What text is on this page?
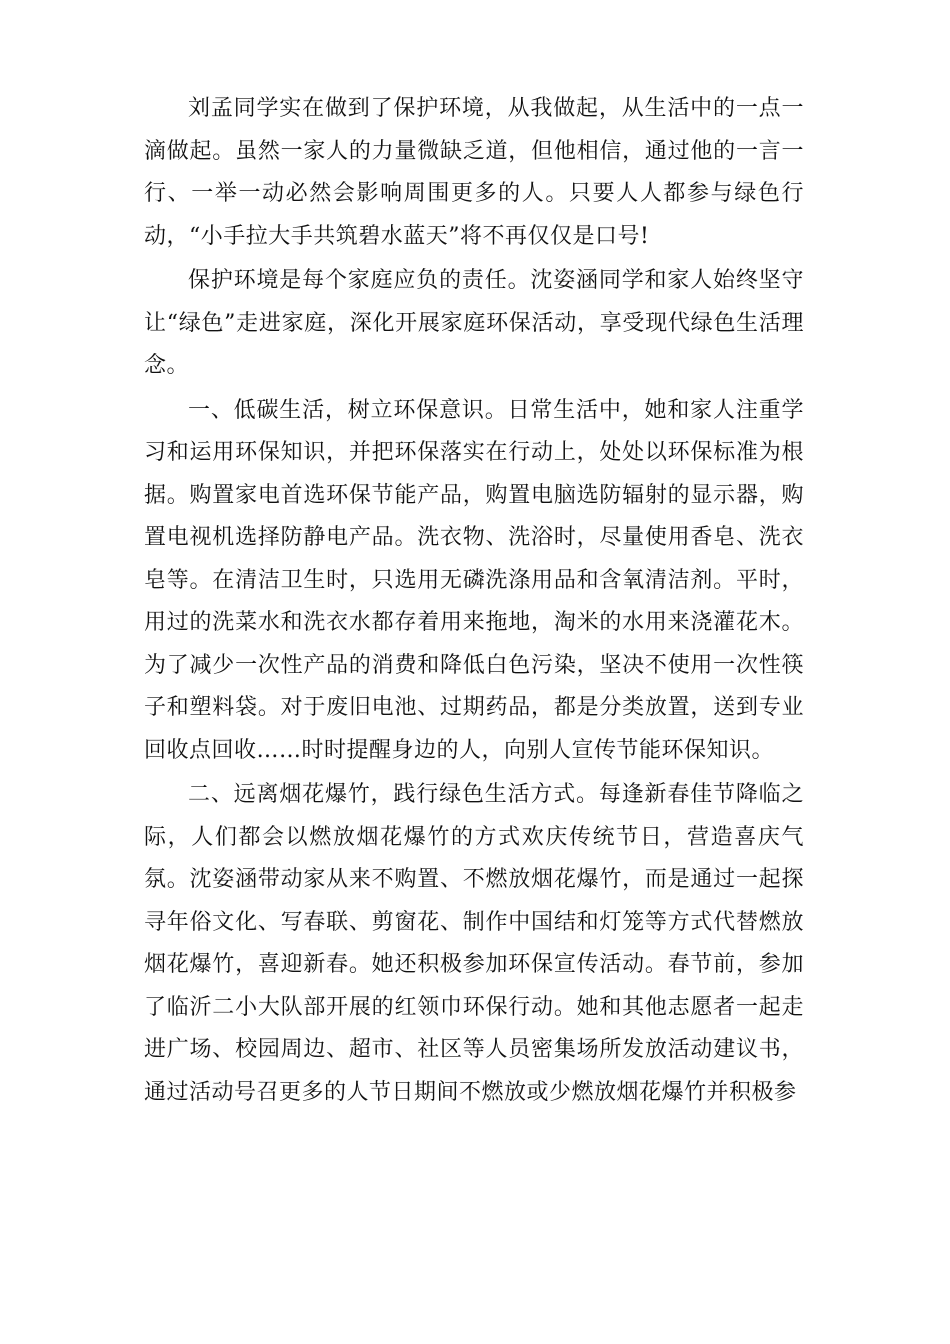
刘孟同学实在做到了保护环境，从我做起，从生活中的一点一滴做起。虽然一家人的力量微缺乏道，但他相信，通过他的一言一行、一举一动必然会影响周围更多的人。只要人人都参与绿色行动，“小手拉大手共筑碧水蓝天”将不再仅仅是口号!

保护环境是每个家庭应负的责任。沈姿涵同学和家人始终坚守让“绿色”走进家庭，深化开展家庭环保活动，享受现代绿色生活理念。

一、低碳生活，树立环保意识。日常生活中，她和家人注重学习和运用环保知识，并把环保落实在行动上，处处以环保标准为根据。购置家电首选环保节能产品，购置电脑选防辐射的显示器，购置电视机选择防静电产品。洗衣物、洗浴时，尽量使用香皂、洗衣皂等。在清洁卫生时，只选用无磷洗涤用品和含氧清洁剂。平时，用过的洗菜水和洗衣水都存着用来拖地，淘米的水用来浇灌花木。为了减少一次性产品的消费和降低白色污染，坚决不使用一次性筷子和塑料袋。对于废旧电池、过期药品，都是分类放置，送到专业回收点回收……时时提醒身边的人，向别人宣传节能环保知识。

二、远离烟花爆竹，践行绿色生活方式。每逢新春佳节降临之际，人们都会以燃放烟花爆竹的方式欢庆传统节日，营造喜庆气氛。沈姿涵带动家从来不购置、不燃放烟花爆竹，而是通过一起探寻年俗文化、写春联、剪窗花、制作中国结和灯笼等方式代替燃放烟花爆竹，喜迎新春。她还积极参加环保宣传活动。春节前，参加了临沂二小大队部开展的红领巾环保行动。她和其他志愿者一起走进广场、校园周边、超市、社区等人员密集场所发放活动建议书，通过活动号召更多的人节日期间不燃放或少燃放烟花爆竹并积极参
